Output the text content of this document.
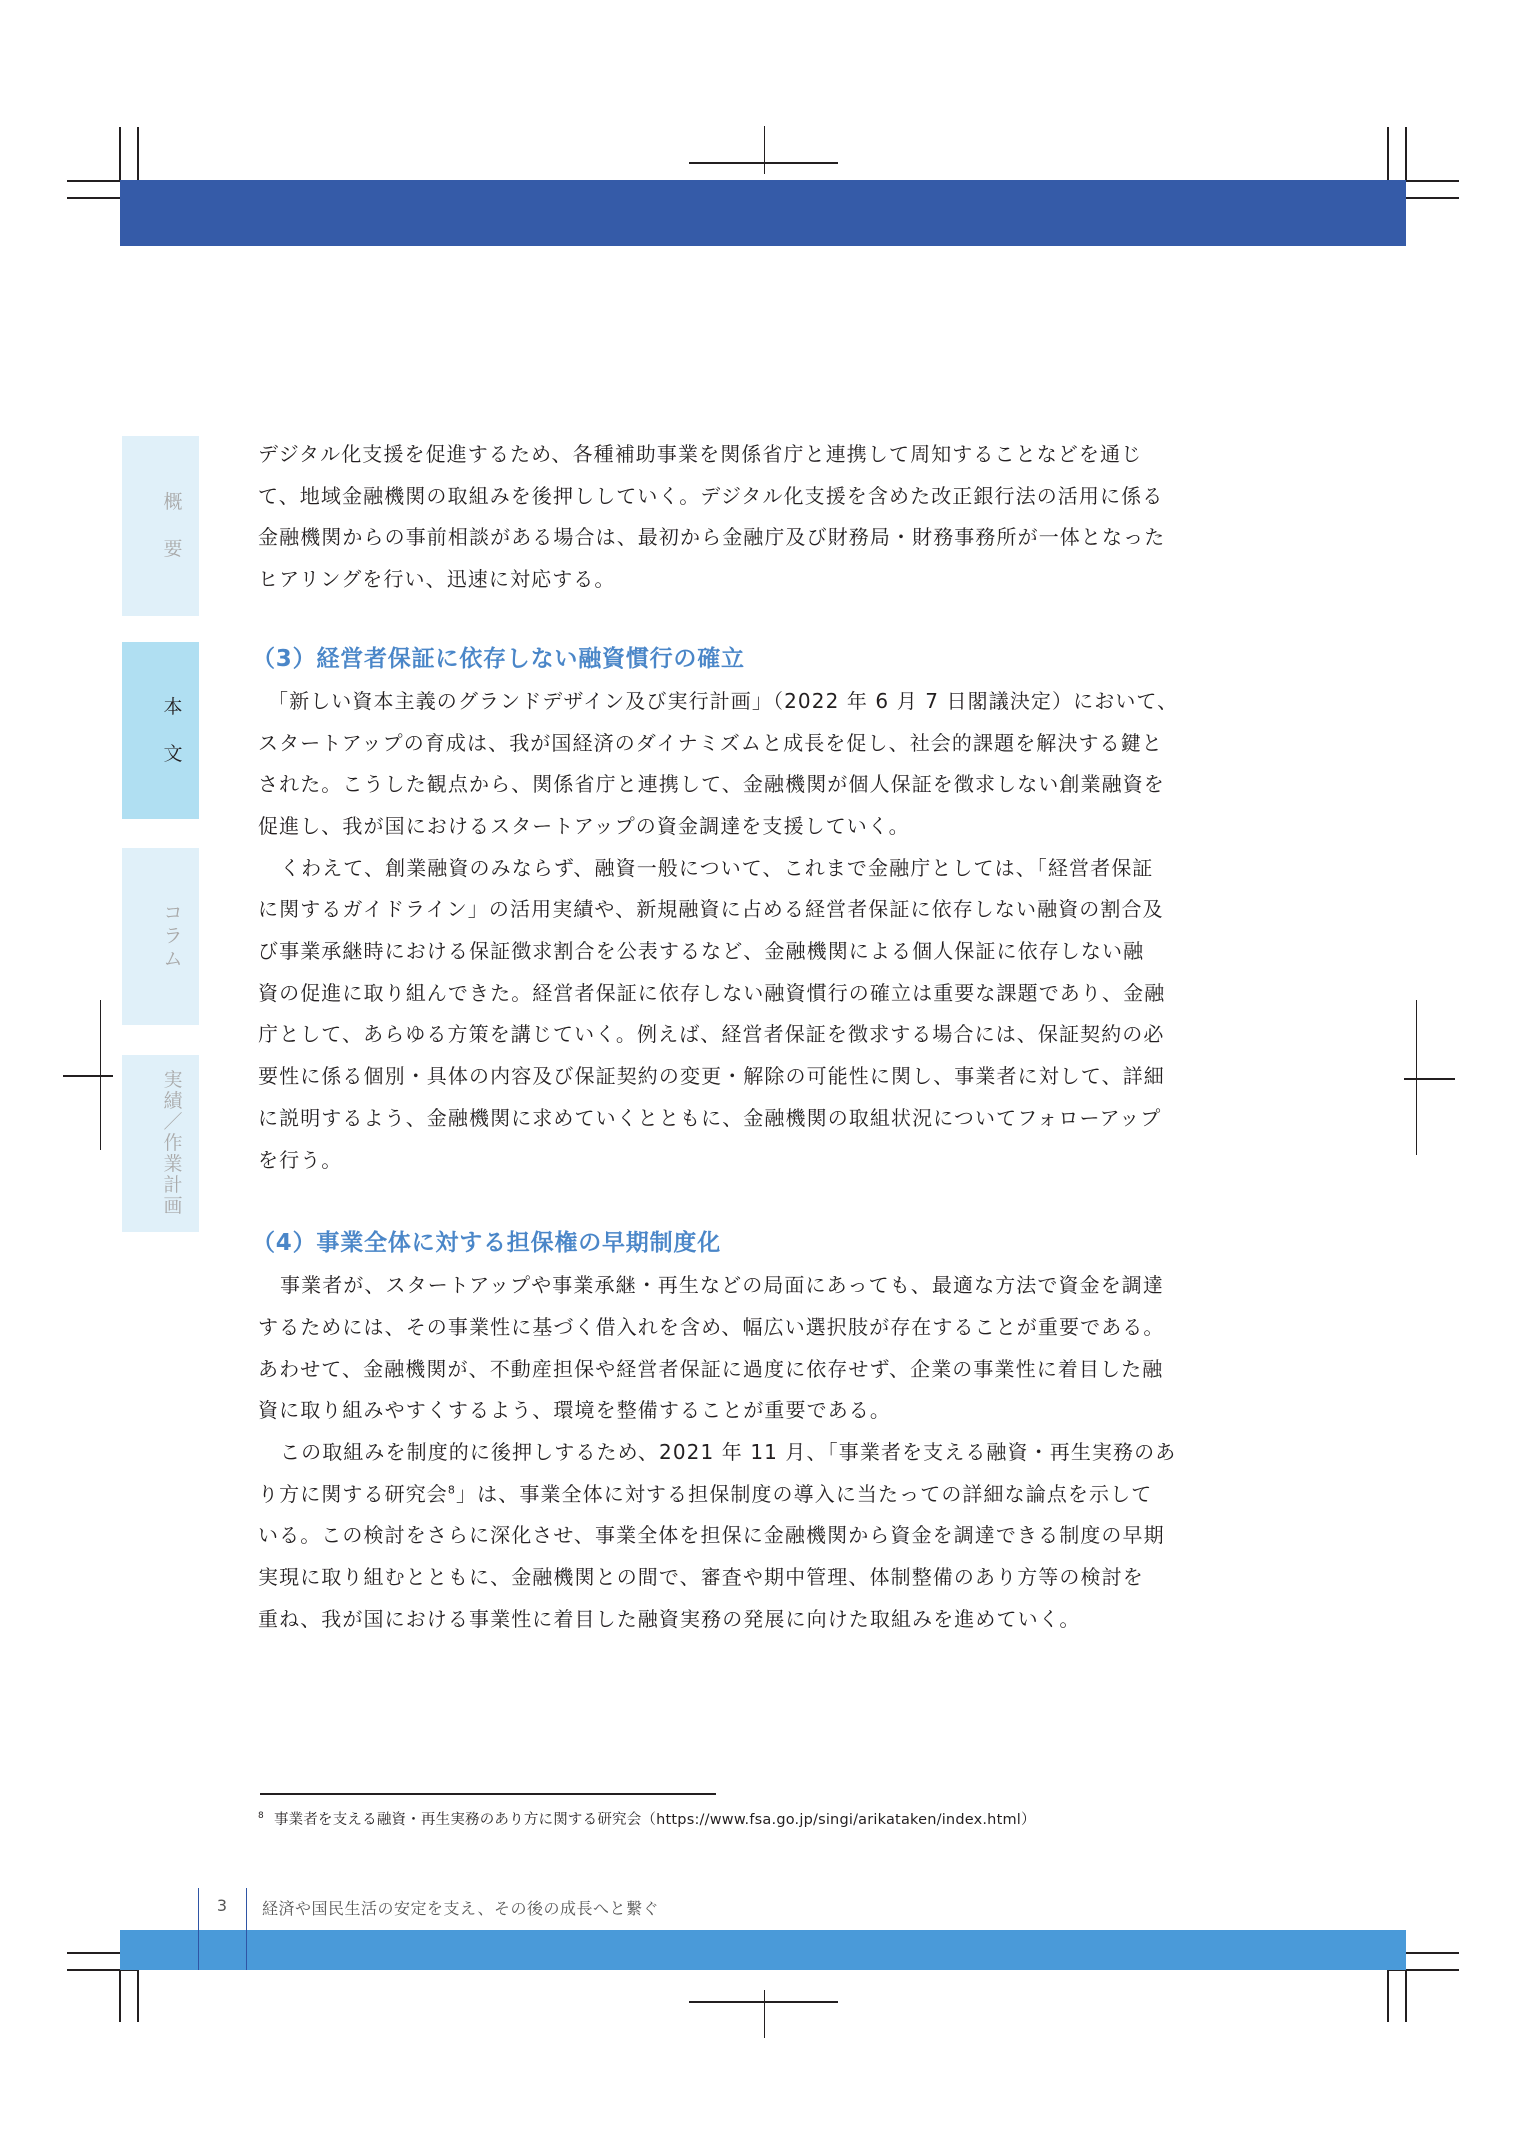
概
要
本
文
コ
ラ
ム
実
績
／
作
業
計
画

デジタル化支援を促進するため、各種補助事業を関係省庁と連携して周知することなどを通じ
て、地域金融機関の取組みを後押ししていく。デジタル化支援を含めた改正銀行法の活用に係る
金融機関からの事前相談がある場合は、最初から金融庁及び財務局・財務事務所が一体となった
ヒアリングを行い、迅速に対応する。

（3）経営者保証に依存しない融資慣行の確立

「新しい資本主義のグランドデザイン及び実行計画」（2022 年 6 月 7 日閣議決定）において、
スタートアップの育成は、我が国経済のダイナミズムと成長を促し、社会的課題を解決する鍵と
された。こうした観点から、関係省庁と連携して、金融機関が個人保証を徴求しない創業融資を
促進し、我が国におけるスタートアップの資金調達を支援していく。

くわえて、創業融資のみならず、融資一般について、これまで金融庁としては、「経営者保証
に関するガイドライン」の活用実績や、新規融資に占める経営者保証に依存しない融資の割合及
び事業承継時における保証徴求割合を公表するなど、金融機関による個人保証に依存しない融
資の促進に取り組んできた。経営者保証に依存しない融資慣行の確立は重要な課題であり、金融
庁として、あらゆる方策を講じていく。例えば、経営者保証を徴求する場合には、保証契約の必
要性に係る個別・具体の内容及び保証契約の変更・解除の可能性に関し、事業者に対して、詳細
に説明するよう、金融機関に求めていくとともに、金融機関の取組状況についてフォローアップ
を行う。

（4）事業全体に対する担保権の早期制度化

事業者が、スタートアップや事業承継・再生などの局面にあっても、最適な方法で資金を調達
するためには、その事業性に基づく借入れを含め、幅広い選択肢が存在することが重要である。
あわせて、金融機関が、不動産担保や経営者保証に過度に依存せず、企業の事業性に着目した融
資に取り組みやすくするよう、環境を整備することが重要である。

この取組みを制度的に後押しするため、2021 年 11 月、「事業者を支える融資・再生実務のあ
り方に関する研究会$^8$」は、事業全体に対する担保制度の導入に当たっての詳細な論点を示して
いる。この検討をさらに深化させ、事業全体を担保に金融機関から資金を調達できる制度の早期
実現に取り組むとともに、金融機関との間で、審査や期中管理、体制整備のあり方等の検討を
重ね、我が国における事業性に着目した融資実務の発展に向けた取組みを進めていく。

$^8$ 事業者を支える融資・再生実務のあり方に関する研究会（https://www.fsa.go.jp/singi/arikataken/index.html）
3	経済や国民生活の安定を支え、その後の成長へと繋ぐ
